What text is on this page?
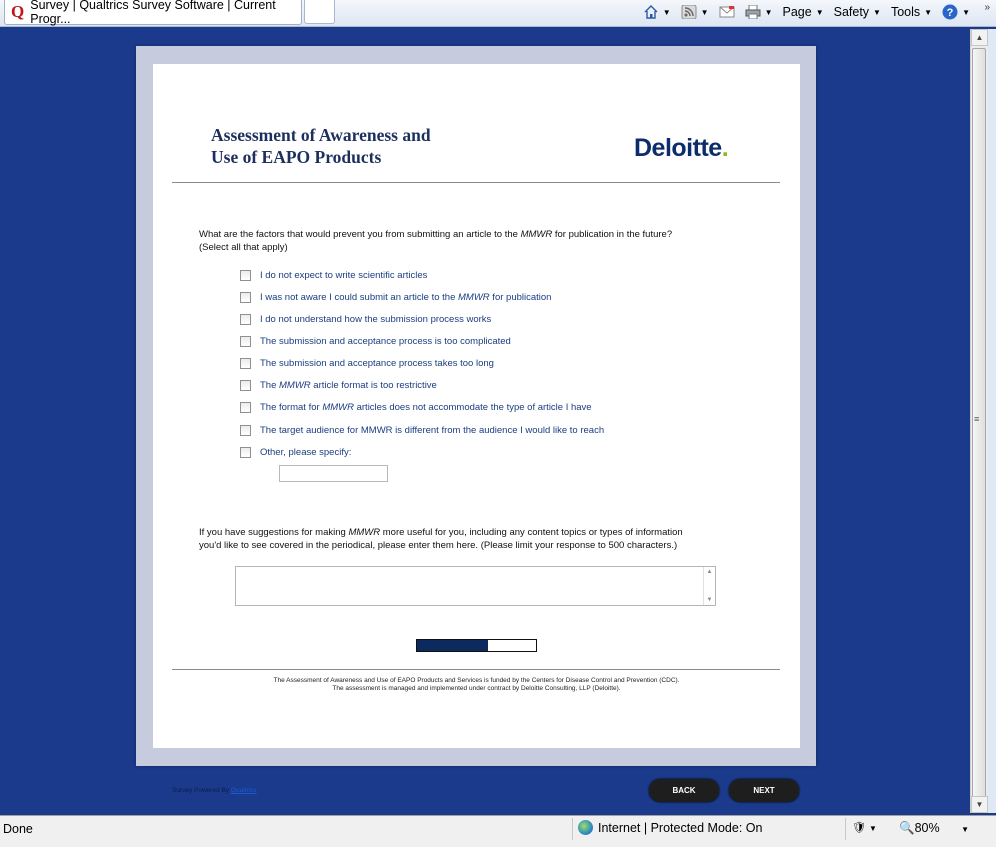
Q Survey | Qualtrics Survey Software | Current Progr...	▼	▼	▼ Page ▼ Safety ▼ Tools ▼ ? ▼ »
Assessment of Awareness and
Use of EAPO Products	Deloitte.
What are the factors that would prevent you from submitting an article to the MMWR for publication in the future?
(Select all that apply)
I do not expect to write scientific articles
I was not aware I could submit an article to the MMWR for publication
I do not understand how the submission process works
The submission and acceptance process is too complicated
The submission and acceptance process takes too long
The MMWR article format is too restrictive
The format for MMWR articles does not accommodate the type of article I have
The target audience for MMWR is different from the audience I would like to reach
Other, please specify:
If you have suggestions for making MMWR more useful for you, including any content topics or types of information
you'd like to see covered in the periodical, please enter them here. (Please limit your response to 500 characters.)
▲
▼
The Assessment of Awareness and Use of EAPO Products and Services is funded by the Centers for Disease Control and Prevention (CDC).
The assessment is managed and implemented under contract by Deloitte Consulting, LLP (Deloitte).
Survey Powered By Qualtrics	BACK	NEXT
▲
≡
▼
Done	Internet | Protected Mode: On	🛡 ▼ 🔍80%	▼
